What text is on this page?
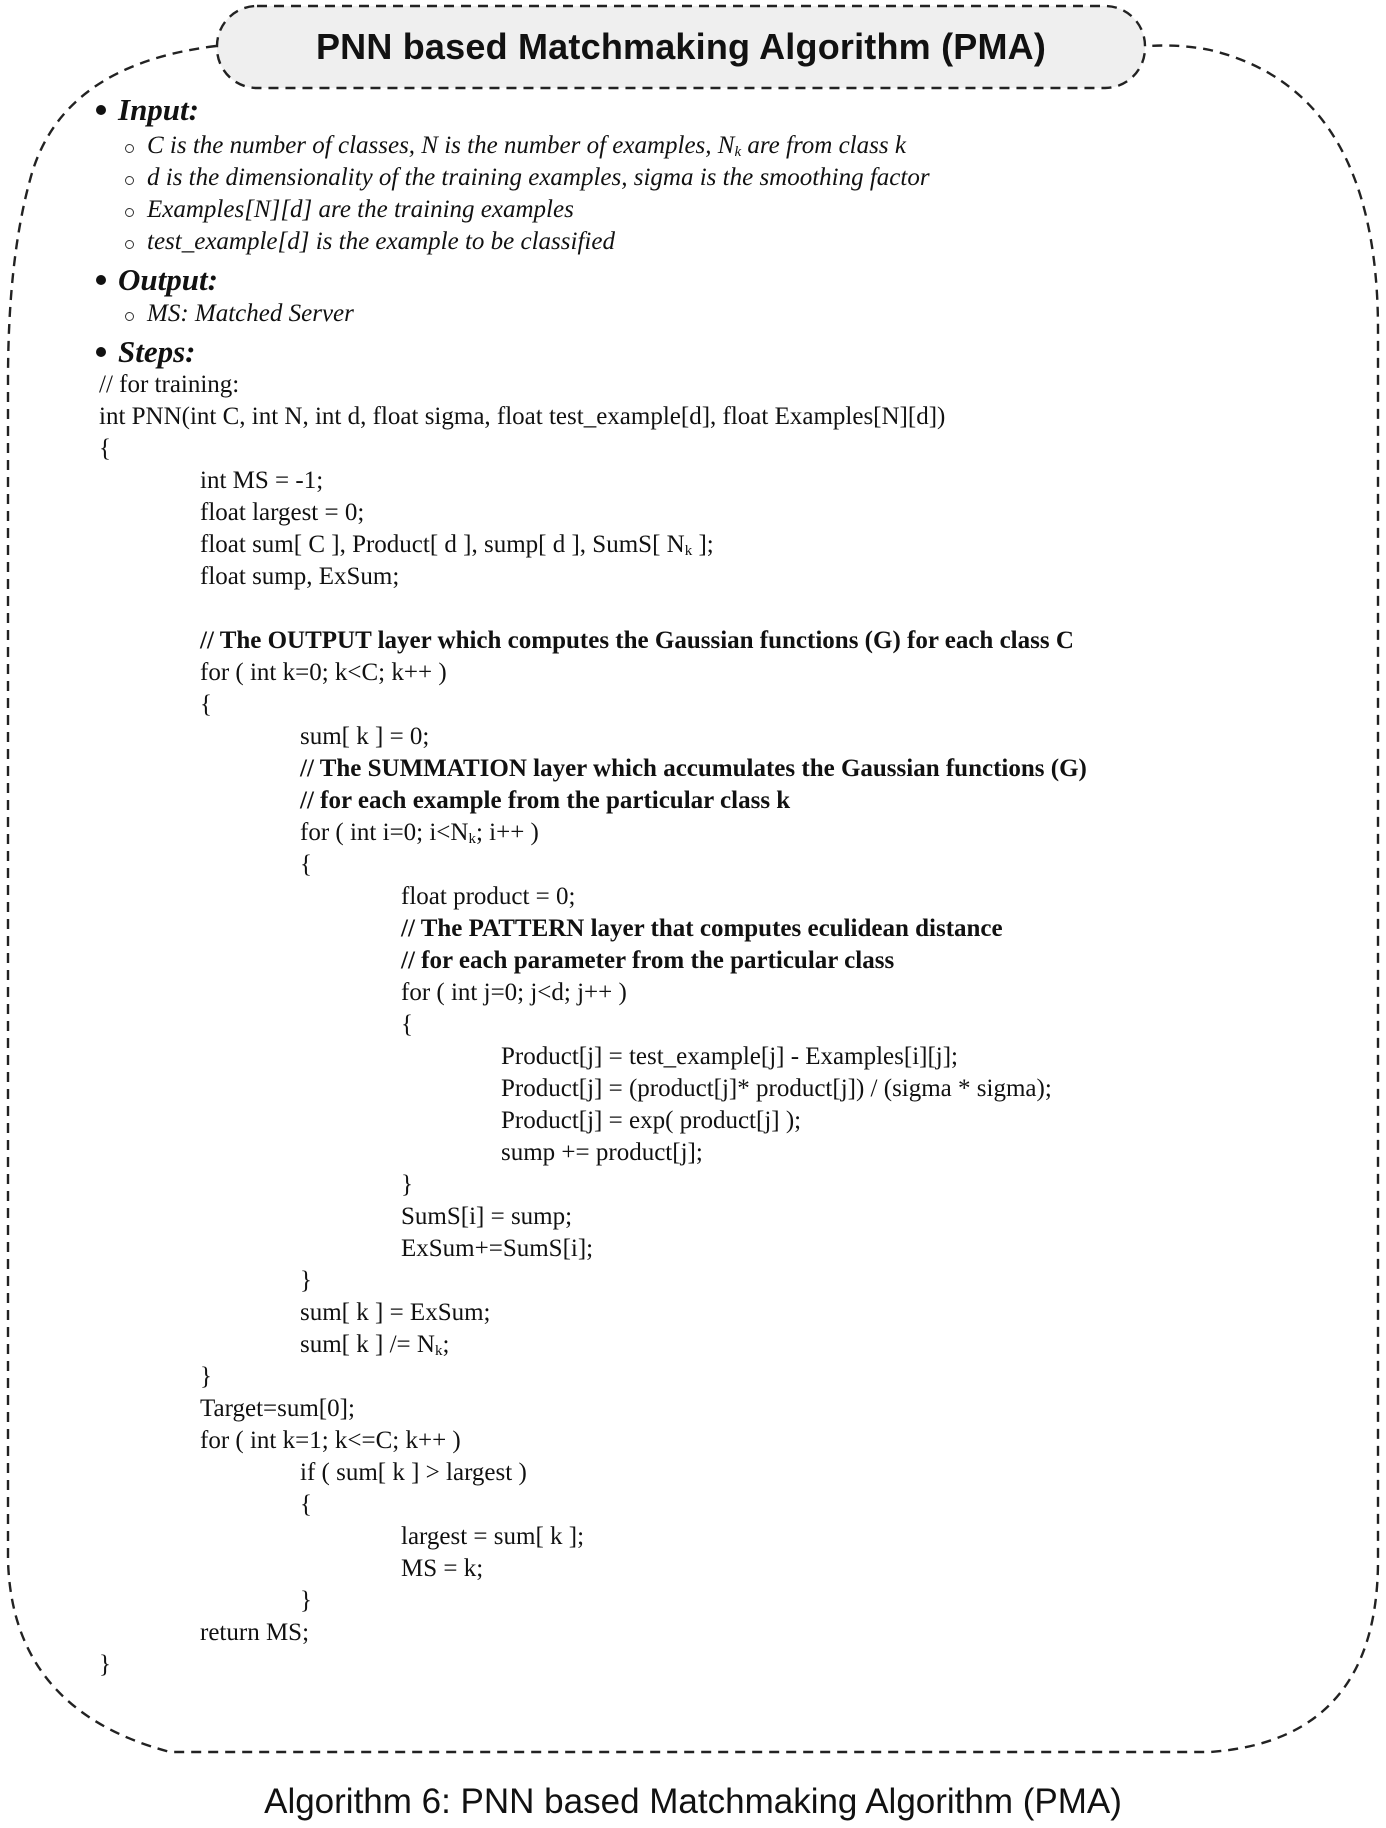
PNN based Matchmaking Algorithm (PMA)
Input:
C is the number of classes, N is the number of examples, $N_k$ are from class k
d is the dimensionality of the training examples, sigma is the smoothing factor
Examples[N][d] are the training examples
test_example[d] is the example to be classified
Output:
MS: Matched Server
Steps:
// for training:
int PNN(int C, int N, int d, float sigma, float test_example[d], float Examples[N][d])
{
int MS = -1;
float largest = 0;
float sum[ C ], Product[ d ], sump[ d ], SumS[ $N_k$ ];
float sump, ExSum;
// The OUTPUT layer which computes the Gaussian functions (G) for each class C
for ( int k=0; k<C; k++ )
{
sum[ k ] = 0;
// The SUMMATION layer which accumulates the Gaussian functions (G)
// for each example from the particular class k
for ( int i=0; $i<N_k$; i++ )
{
float product = 0;
// The PATTERN layer that computes eculidean distance
// for each parameter from the particular class
for ( int j=0; j<d; j++ )
{
Product[j] = test_example[j] - Examples[i][j];
Product[j] = (product[j]* product[j]) / (sigma * sigma);
Product[j] = exp( product[j] );
sump += product[j];
}
SumS[i] = sump;
ExSum+=SumS[i];
}
sum[ k ] = ExSum;
sum[ k ] /= $N_k$;
}
Target=sum[0];
for ( int k=1; k<=C; k++ )
if ( sum[ k ] > largest )
{
largest = sum[ k ];
MS = k;
}
return MS;
}
Algorithm 6: PNN based Matchmaking Algorithm (PMA)
